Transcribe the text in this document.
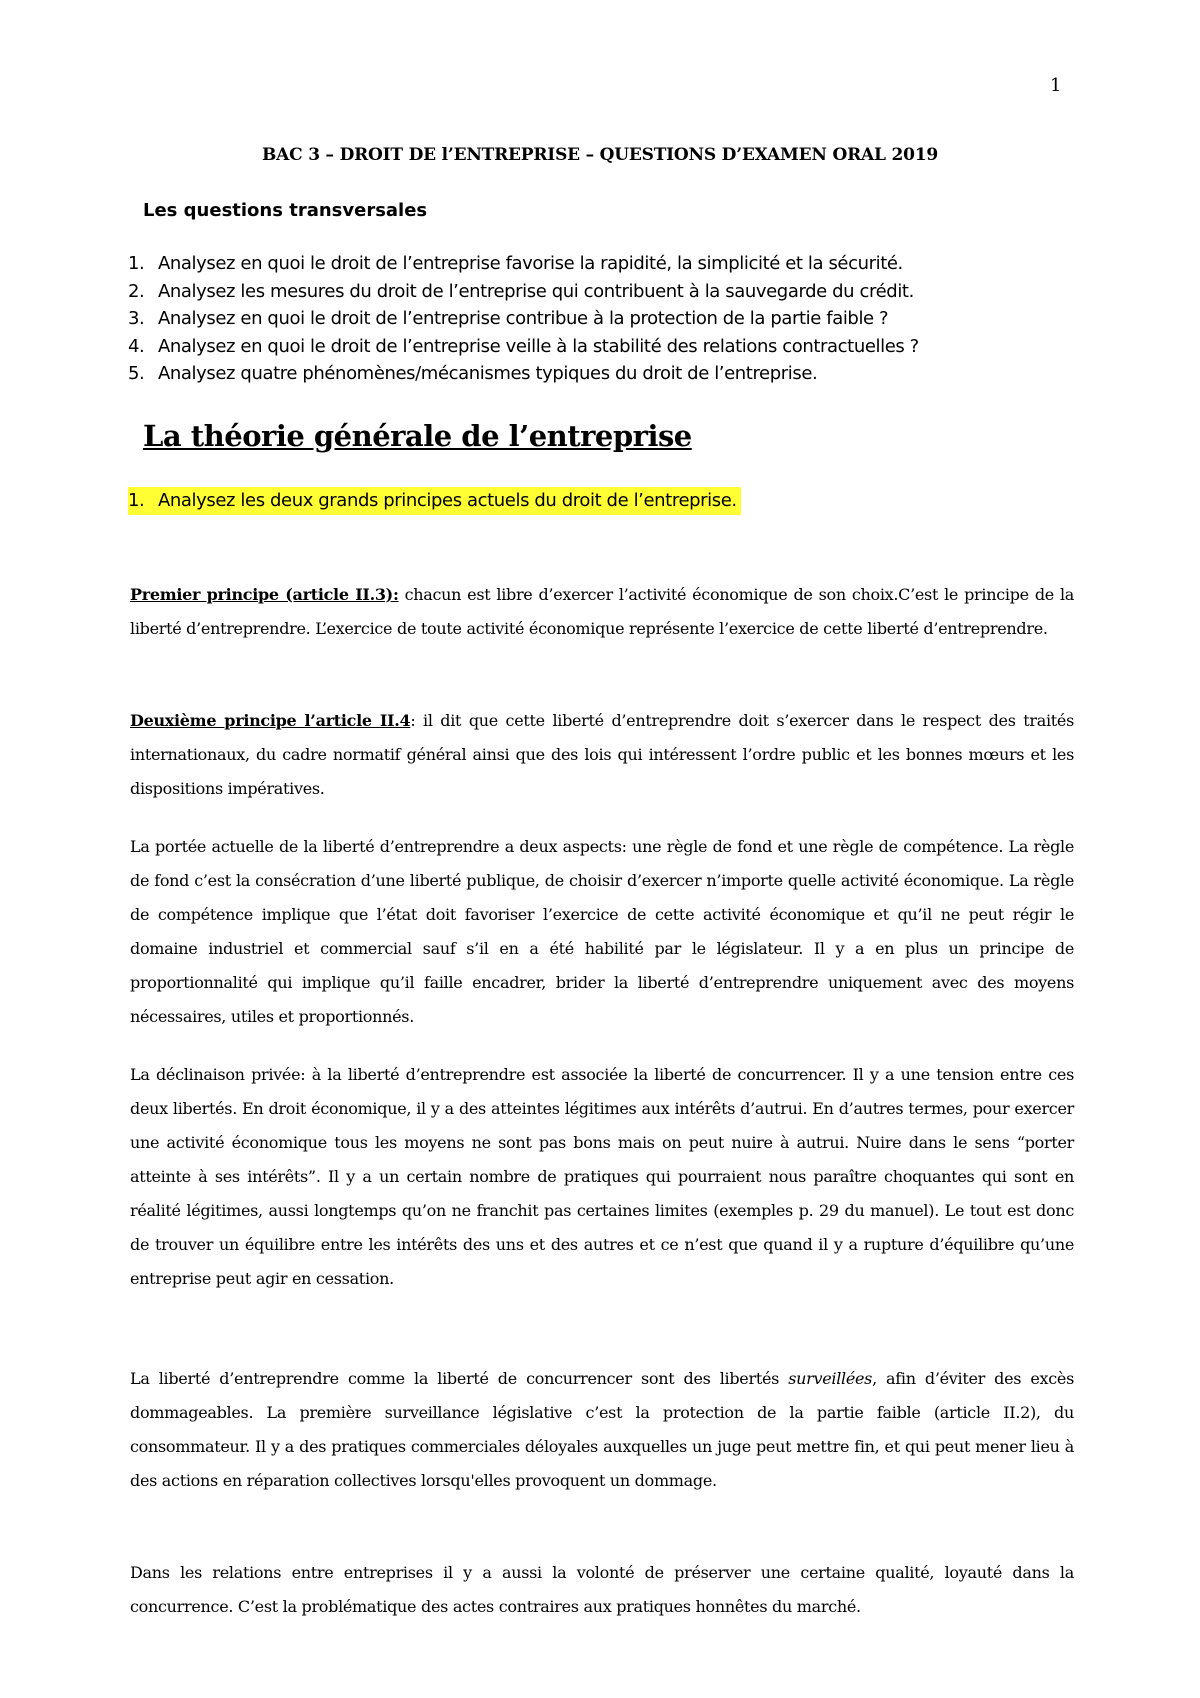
1
BAC 3 – DROIT DE l’ENTREPRISE – QUESTIONS D’EXAMEN ORAL 2019
Les questions transversales
1. Analysez en quoi le droit de l’entreprise favorise la rapidité, la simplicité et la sécurité.
2. Analysez les mesures du droit de l’entreprise qui contribuent à la sauvegarde du crédit.
3. Analysez en quoi le droit de l’entreprise contribue à la protection de la partie faible ?
4. Analysez en quoi le droit de l’entreprise veille à la stabilité des relations contractuelles ?
5. Analysez quatre phénomènes/mécanismes typiques du droit de l’entreprise.
La théorie générale de l’entreprise
1. Analysez les deux grands principes actuels du droit de l’entreprise.

Premier principe (article II.3): chacun est libre d’exercer l’activité économique de son choix.C’est le principe de la liberté d’entreprendre. L’exercice de toute activité économique représente l’exercice de cette liberté d’entreprendre.

Deuxième principe l’article II.4: il dit que cette liberté d’entreprendre doit s’exercer dans le respect des traités internationaux, du cadre normatif général ainsi que des lois qui intéressent l’ordre public et les bonnes mœurs et les dispositions impératives.

La portée actuelle de la liberté d’entreprendre a deux aspects: une règle de fond et une règle de compétence. La règle de fond c’est la consécration d’une liberté publique, de choisir d’exercer n’importe quelle activité économique. La règle de compétence implique que l’état doit favoriser l’exercice de cette activité économique et qu’il ne peut régir le domaine industriel et commercial sauf s’il en a été habilité par le législateur. Il y a en plus un principe de proportionnalité qui implique qu’il faille encadrer, brider la liberté d’entreprendre uniquement avec des moyens nécessaires, utiles et proportionnés.

La déclinaison privée: à la liberté d’entreprendre est associée la liberté de concurrencer. Il y a une tension entre ces deux libertés. En droit économique, il y a des atteintes légitimes aux intérêts d’autrui. En d’autres termes, pour exercer une activité économique tous les moyens ne sont pas bons mais on peut nuire à autrui. Nuire dans le sens “porter atteinte à ses intérêts”. Il y a un certain nombre de pratiques qui pourraient nous paraître choquantes qui sont en réalité légitimes, aussi longtemps qu’on ne franchit pas certaines limites (exemples p. 29 du manuel). Le tout est donc de trouver un équilibre entre les intérêts des uns et des autres et ce n’est que quand il y a rupture d’équilibre qu’une entreprise peut agir en cessation.

La liberté d’entreprendre comme la liberté de concurrencer sont des libertés surveillées, afin d’éviter des excès dommageables. La première surveillance législative c’est la protection de la partie faible (article II.2), du consommateur. Il y a des pratiques commerciales déloyales auxquelles un juge peut mettre fin, et qui peut mener lieu à des actions en réparation collectives lorsqu'elles provoquent un dommage.

Dans les relations entre entreprises il y a aussi la volonté de préserver une certaine qualité, loyauté dans la concurrence. C’est la problématique des actes contraires aux pratiques honnêtes du marché.
